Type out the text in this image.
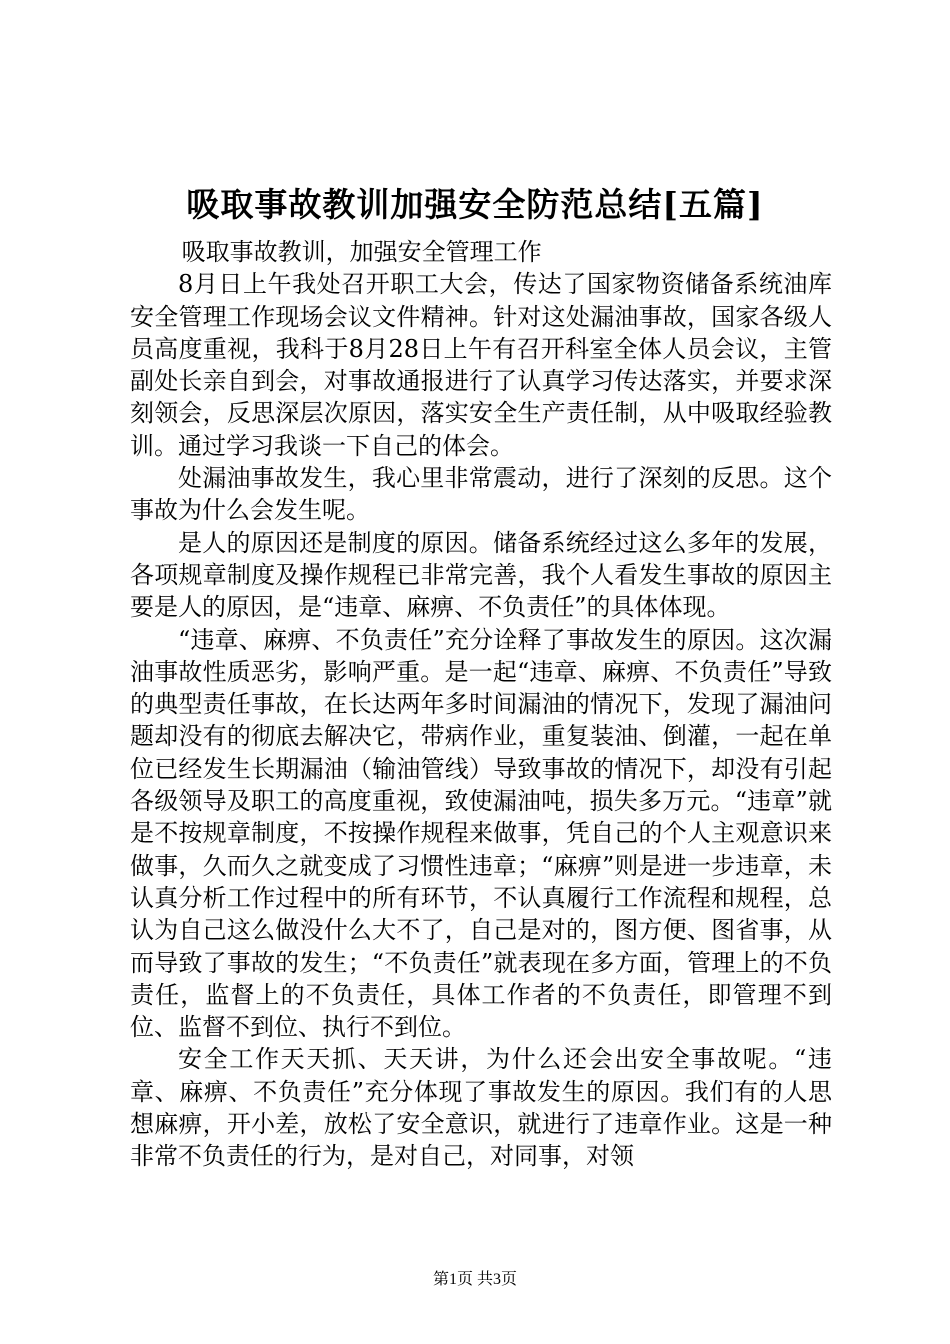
吸取事故教训加强安全防范总结[五篇]

吸取事故教训，加强安全管理工作

8月日上午我处召开职工大会，传达了国家物资储备系统油库安全管理工作现场会议文件精神。针对这处漏油事故，国家各级人员高度重视，我科于8月28日上午有召开科室全体人员会议，主管副处长亲自到会，对事故通报进行了认真学习传达落实，并要求深刻领会，反思深层次原因，落实安全生产责任制，从中吸取经验教训。通过学习我谈一下自己的体会。

处漏油事故发生，我心里非常震动，进行了深刻的反思。这个事故为什么会发生呢。

是人的原因还是制度的原因。储备系统经过这么多年的发展，各项规章制度及操作规程已非常完善，我个人看发生事故的原因主要是人的原因，是“违章、麻痹、不负责任”的具体体现。

“违章、麻痹、不负责任”充分诠释了事故发生的原因。这次漏油事故性质恶劣，影响严重。是一起“违章、麻痹、不负责任”导致的典型责任事故，在长达两年多时间漏油的情况下，发现了漏油问题却没有的彻底去解决它，带病作业，重复装油、倒灌，一起在单位已经发生长期漏油（输油管线）导致事故的情况下，却没有引起各级领导及职工的高度重视，致使漏油吨，损失多万元。“违章”就是不按规章制度，不按操作规程来做事，凭自己的个人主观意识来做事，久而久之就变成了习惯性违章；“麻痹”则是进一步违章，未认真分析工作过程中的所有环节，不认真履行工作流程和规程，总认为自己这么做没什么大不了，自己是对的，图方便、图省事，从而导致了事故的发生；“不负责任”就表现在多方面，管理上的不负责任，监督上的不负责任，具体工作者的不负责任，即管理不到位、监督不到位、执行不到位。

安全工作天天抓、天天讲，为什么还会出安全事故呢。“违章、麻痹、不负责任”充分体现了事故发生的原因。我们有的人思想麻痹，开小差，放松了安全意识，就进行了违章作业。这是一种非常不负责任的行为，是对自己，对同事，对领

第1页 共3页
